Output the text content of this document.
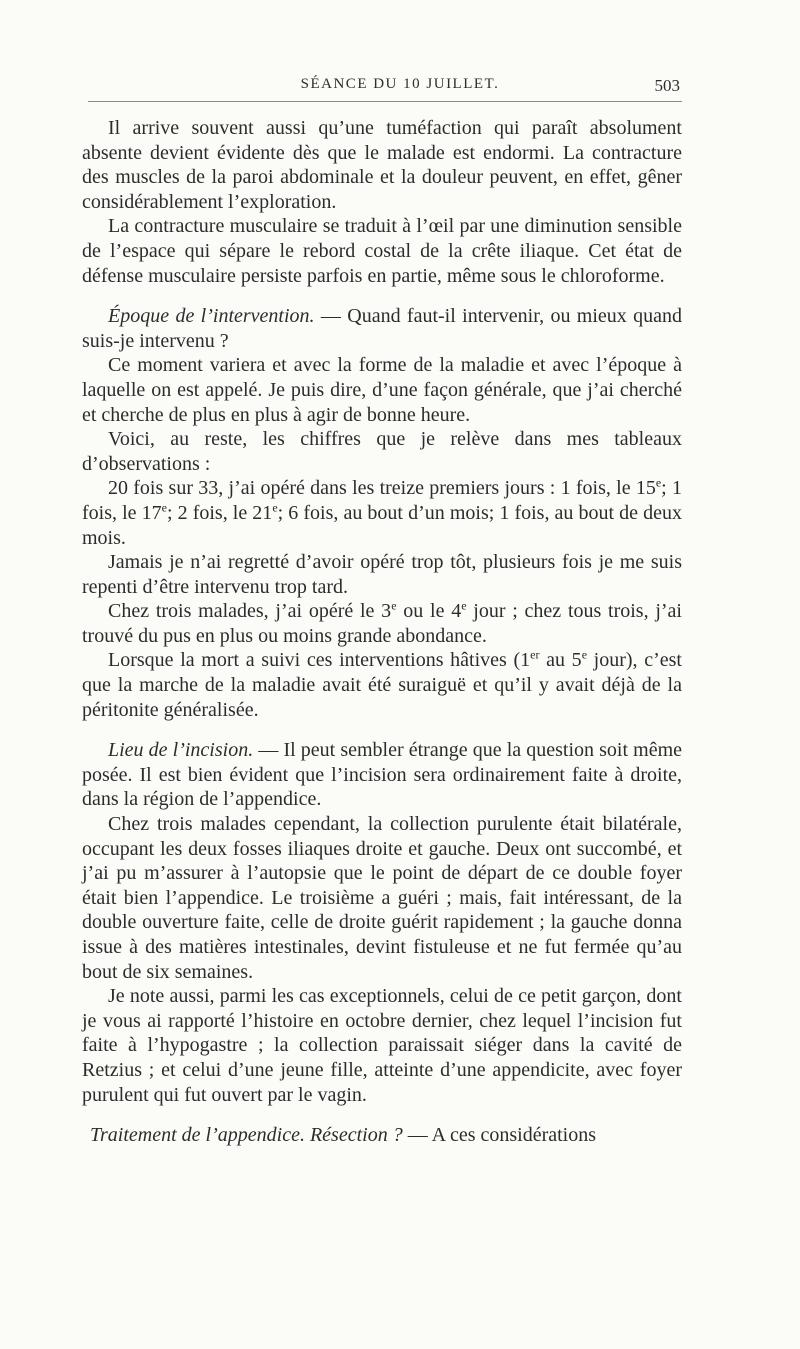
SÉANCE DU 10 JUILLET.	503

Il arrive souvent aussi qu’une tuméfaction qui paraît absolument absente devient évidente dès que le malade est endormi. La contracture des muscles de la paroi abdominale et la douleur peuvent, en effet, gêner considérablement l’exploration.

La contracture musculaire se traduit à l’œil par une diminution sensible de l’espace qui sépare le rebord costal de la crête iliaque. Cet état de défense musculaire persiste parfois en partie, même sous le chloroforme.

Époque de l’intervention. — Quand faut-il intervenir, ou mieux quand suis-je intervenu ?

Ce moment variera et avec la forme de la maladie et avec l’époque à laquelle on est appelé. Je puis dire, d’une façon générale, que j’ai cherché et cherche de plus en plus à agir de bonne heure.

Voici, au reste, les chiffres que je relève dans mes tableaux d’observations :

20 fois sur 33, j’ai opéré dans les treize premiers jours : 1 fois, le 15e; 1 fois, le 17e; 2 fois, le 21e; 6 fois, au bout d’un mois; 1 fois, au bout de deux mois.

Jamais je n’ai regretté d’avoir opéré trop tôt, plusieurs fois je me suis repenti d’être intervenu trop tard.

Chez trois malades, j’ai opéré le 3e ou le 4e jour ; chez tous trois, j’ai trouvé du pus en plus ou moins grande abondance.

Lorsque la mort a suivi ces interventions hâtives (1er au 5e jour), c’est que la marche de la maladie avait été suraiguë et qu’il y avait déjà de la péritonite généralisée.

Lieu de l’incision. — Il peut sembler étrange que la question soit même posée. Il est bien évident que l’incision sera ordinairement faite à droite, dans la région de l’appendice.

Chez trois malades cependant, la collection purulente était bilatérale, occupant les deux fosses iliaques droite et gauche. Deux ont succombé, et j’ai pu m’assurer à l’autopsie que le point de départ de ce double foyer était bien l’appendice. Le troisième a guéri ; mais, fait intéressant, de la double ouverture faite, celle de droite guérit rapidement ; la gauche donna issue à des matières intestinales, devint fistuleuse et ne fut fermée qu’au bout de six semaines.

Je note aussi, parmi les cas exceptionnels, celui de ce petit garçon, dont je vous ai rapporté l’histoire en octobre dernier, chez lequel l’incision fut faite à l’hypogastre ; la collection paraissait siéger dans la cavité de Retzius ; et celui d’une jeune fille, atteinte d’une appendicite, avec foyer purulent qui fut ouvert par le vagin.

Traitement de l’appendice. Résection ? — A ces considérations
